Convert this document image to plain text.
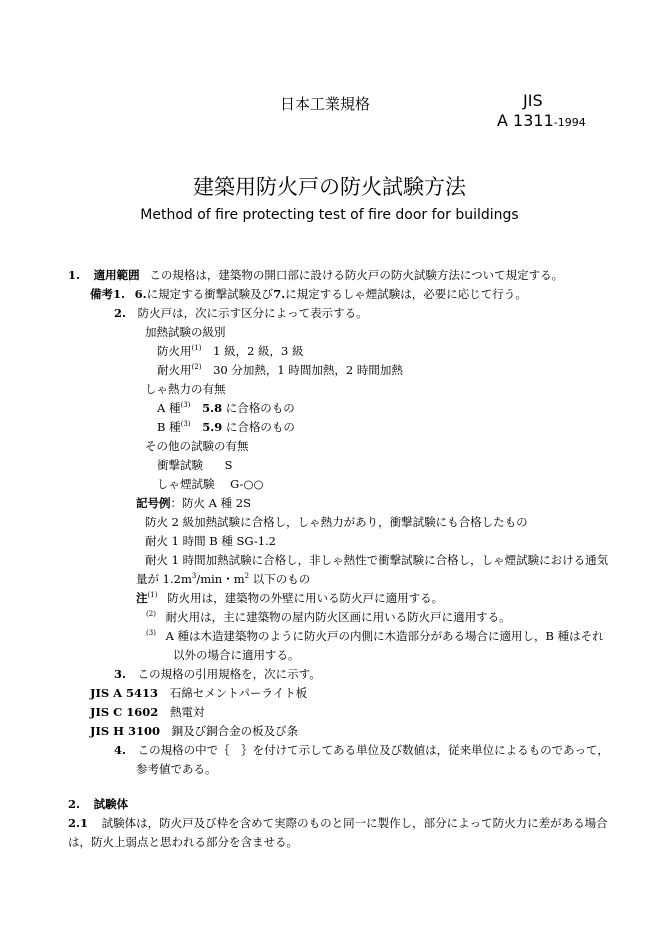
日本工業規格	JIS
A 1311-1994
建築用防火戸の防火試験方法
Method of fire protecting test of fire door for buildings
1. 適用範囲 この規格は，建築物の開口部に設ける防火戸の防火試験方法について規定する。
備考1. 6.に規定する衝撃試験及び7.に規定するしゃ煙試験は，必要に応じて行う。
2. 防火戸は，次に示す区分によって表示する。
加熱試験の級別
防火用$^{(1)}$ 1 級，2 級，3 級
耐火用$^{(2)}$ 30 分加熱，1 時間加熱，2 時間加熱
しゃ熱力の有無
A 種$^{(3)}$ 5.8 に合格のもの
B 種$^{(3)}$ 5.9 に合格のもの
その他の試験の有無
衝撃試験 S
しゃ煙試験 G-○○
記号例：防火 A 種 2S
防火 2 級加熱試験に合格し，しゃ熱力があり，衝撃試験にも合格したもの
耐火 1 時間 B 種 SG-1.2
耐火 1 時間加熱試験に合格し，非しゃ熱性で衝撃試験に合格し，しゃ煙試験における通気
量が $1.2m^3/\min$・$m^2$ 以下のもの
注$^{(1)}$ 防火用は，建築物の外壁に用いる防火戸に適用する。
$^{(2)}$ 耐火用は，主に建築物の屋内防火区画に用いる防火戸に適用する。
$^{(3)}$ A 種は木造建築物のように防火戸の内側に木造部分がある場合に適用し，B 種はそれ
以外の場合に適用する。
3. この規格の引用規格を，次に示す。
JIS A 5413 石綿セメントパーライト板
JIS C 1602 熱電対
JIS H 3100 銅及び銅合金の板及び条
4. この規格の中で｛　｝を付けて示してある単位及び数値は，従来単位によるものであって，
参考値である。
2. 試験体
2.1 試験体は，防火戸及び枠を含めて実際のものと同一に製作し，部分によって防火力に差がある場合
は，防火上弱点と思われる部分を含ませる。
